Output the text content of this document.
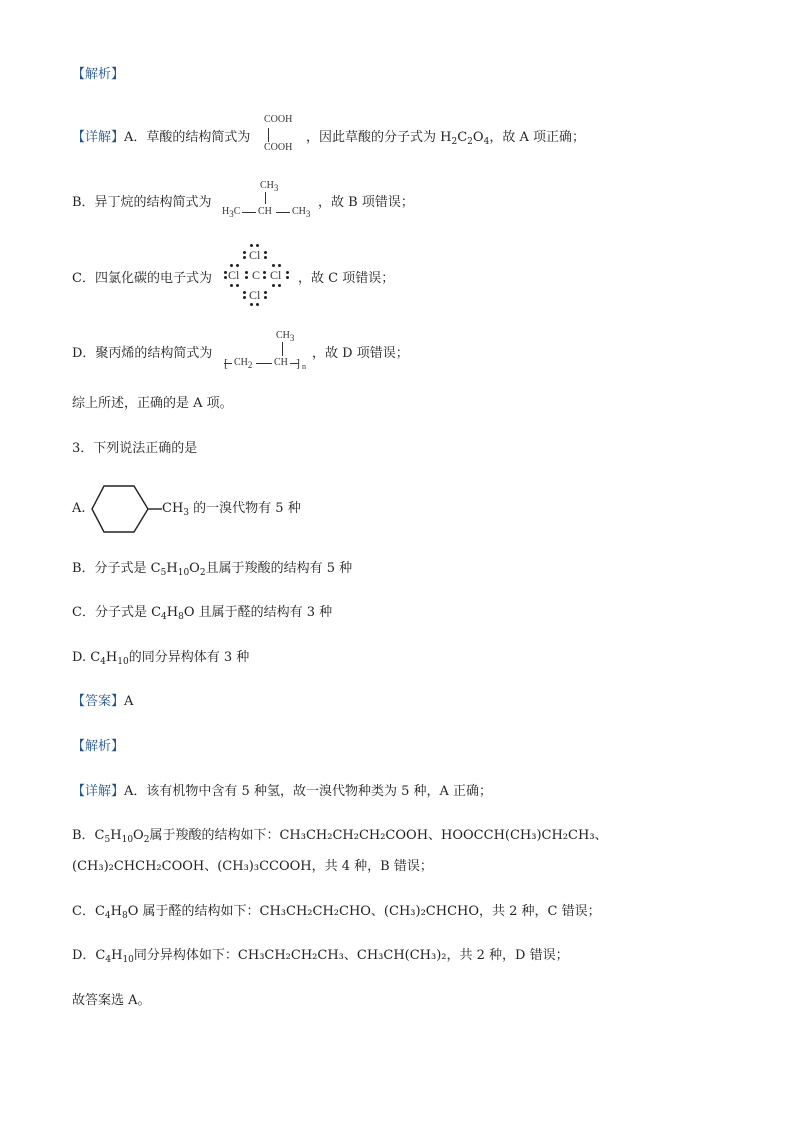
【解析】
【详解】A．草酸的结构简式为
COOH
COOH
，因此草酸的分子式为 $H_2C_2O_4$，故 A 项正确；
B．异丁烷的结构简式为
$CH_3$
$H_3C$ CH $CH_3$
，故 B 项错误；
C．四氯化碳的电子式为
Cl
Cl C Cl
Cl
，故 C 项错误；
D．聚丙烯的结构简式为
$CH_3$
[ $CH_2$ CH ] n
，故 D 项错误；
综上所述，正确的是 A 项。
3．下列说法正确的是
A.	$CH_3$ 的一溴代物有 5 种
B．分子式是 $C_5H_{10}O_2$且属于羧酸的结构有 5 种
C．分子式是 $C_4H_8O$ 且属于醛的结构有 3 种
D. $C_4H_{10}$的同分异构体有 3 种
【答案】A
【解析】
【详解】A．该有机物中含有 5 种氢，故一溴代物种类为 5 种，A 正确；
B．$C_5H_{10}O_2$属于羧酸的结构如下：CH₃CH₂CH₂CH₂COOH、HOOCCH(CH₃)CH₂CH₃、
(CH₃)₂CHCH₂COOH、(CH₃)₃CCOOH，共 4 种，B 错误；
C．$C_4H_8O$ 属于醛的结构如下：CH₃CH₂CH₂CHO、(CH₃)₂CHCHO，共 2 种，C 错误；
D．$C_4H_{10}$同分异构体如下：CH₃CH₂CH₂CH₃、CH₃CH(CH₃)₂，共 2 种，D 错误；
故答案选 A。
